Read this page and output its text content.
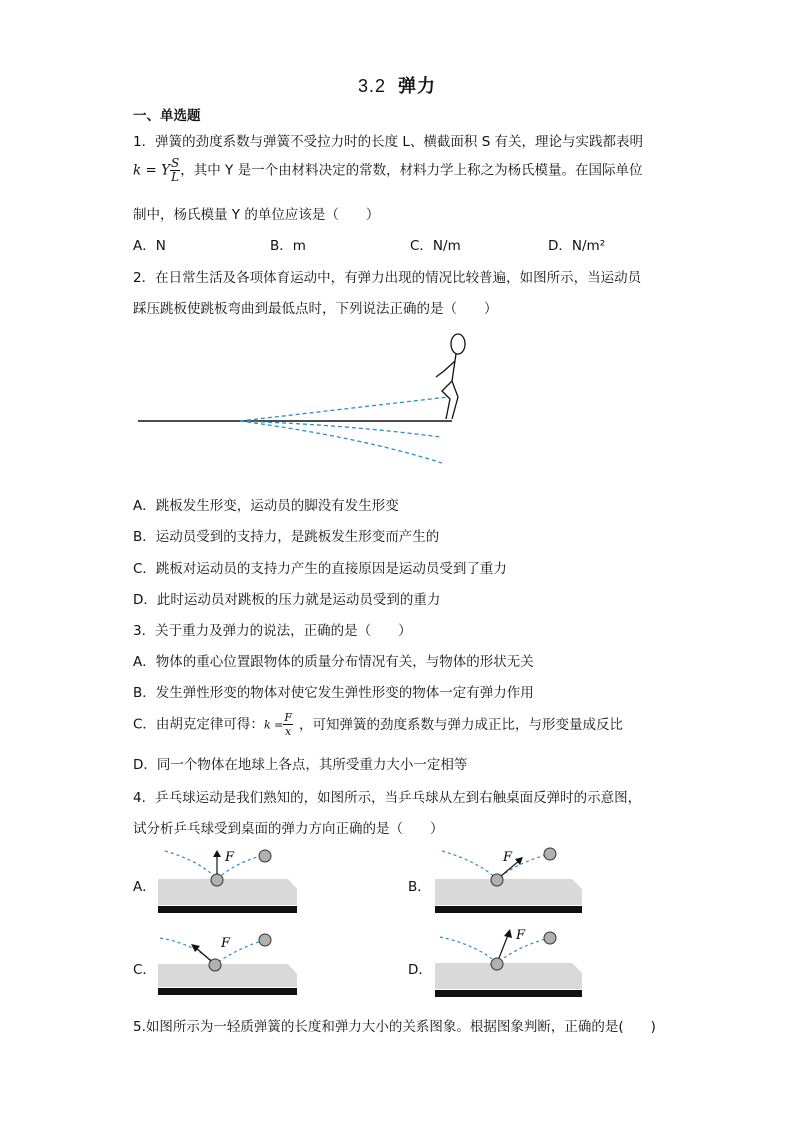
3.2 弹力
一、单选题
1．弹簧的劲度系数与弹簧不受拉力时的长度 L、横截面积 S 有关，理论与实践都表明
k = Y $\frac{S}{L}$ ，其中 Y 是一个由材料决定的常数，材料力学上称之为杨氏模量。在国际单位
制中，杨氏模量 Y 的单位应该是（　　）
A．N	B．m	C．N/m	D．N/m²
2．在日常生活及各项体育运动中，有弹力出现的情况比较普遍，如图所示，当运动员
踩压跳板使跳板弯曲到最低点时，下列说法正确的是（　　）
A．跳板发生形变，运动员的脚没有发生形变
B．运动员受到的支持力，是跳板发生形变而产生的
C．跳板对运动员的支持力产生的直接原因是运动员受到了重力
D．此时运动员对跳板的压力就是运动员受到的重力
3．关于重力及弹力的说法，正确的是（　　）
A．物体的重心位置跟物体的质量分布情况有关，与物体的形状无关
B．发生弹性形变的物体对使它发生弹性形变的物体一定有弹力作用
C．由胡克定律可得：$k = \frac{F}{x}$ ，可知弹簧的劲度系数与弹力成正比，与形变量成反比
D．同一个物体在地球上各点，其所受重力大小一定相等
4．乒乓球运动是我们熟知的，如图所示，当乒乓球从左到右触桌面反弹时的示意图，
试分析乒乓球受到桌面的弹力方向正确的是（　　）
A．
F
B．
F
C．
F
D．
F
5.如图所示为一轻质弹簧的长度和弹力大小的关系图象。根据图象判断，正确的是(　　)
